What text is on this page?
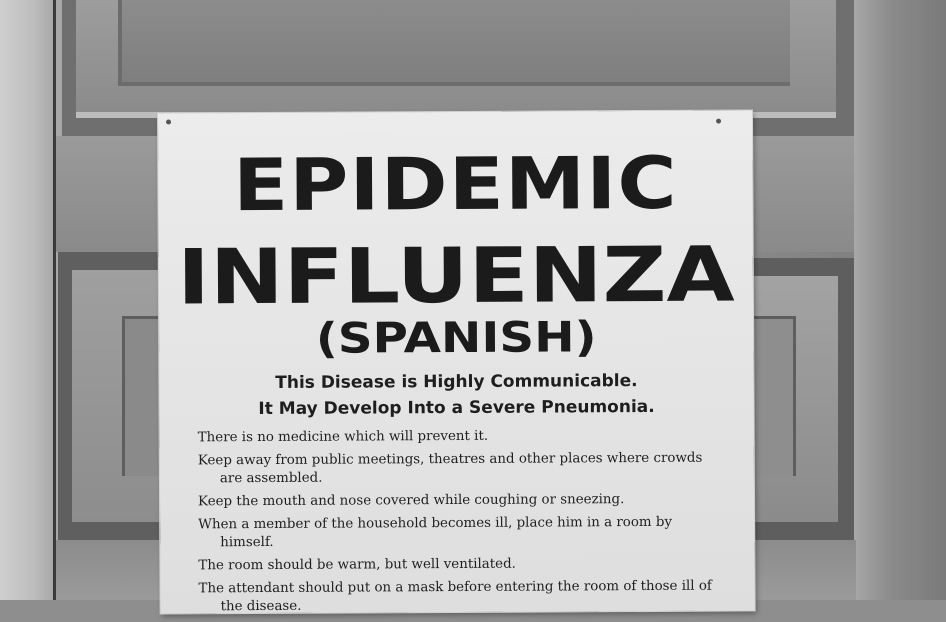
EPIDEMIC
INFLUENZA
(SPANISH)
This Disease is Highly Communicable.
It May Develop Into a Severe Pneumonia.

There is no medicine which will prevent it.

Keep away from public meetings, theatres and other places where crowds are assembled.

Keep the mouth and nose covered while coughing or sneezing.

When a member of the household becomes ill, place him in a room by himself.

The room should be warm, but well ventilated.

The attendant should put on a mask before entering the room of those ill of the disease.
